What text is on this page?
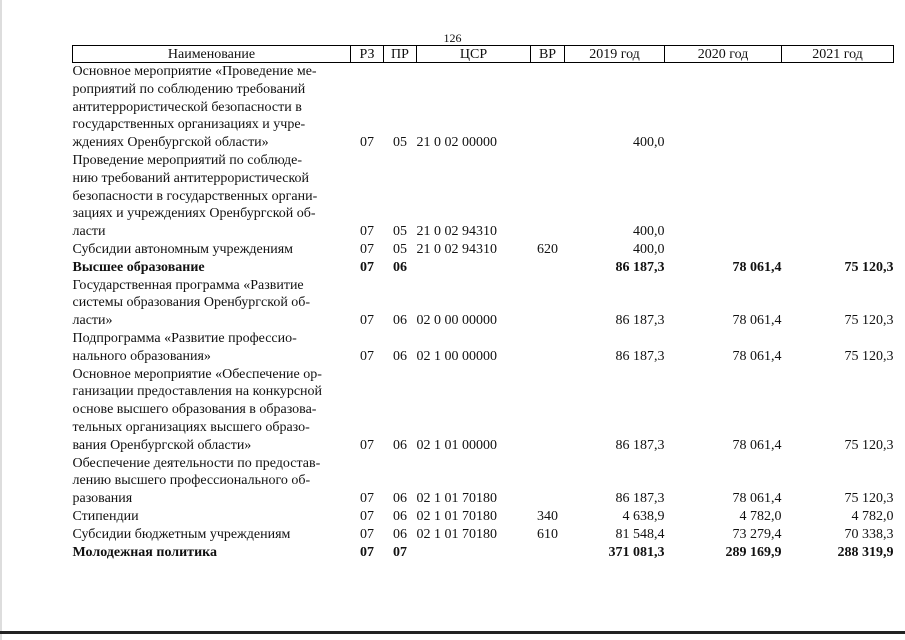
126
Наименование	РЗ	ПР	ЦСР	ВР	2019 год	2020 год	2021 год

Основное мероприятие «Проведение ме-
роприятий по соблюдению требований
антитеррористической безопасности в
государственных организациях и учре-
ждениях Оренбургской области»	07	05	21 0 02 00000		400,0		

Проведение мероприятий по соблюде-
нию требований антитеррористической
безопасности в государственных органи-
зациях и учреждениях Оренбургской об-
ласти	07	05	21 0 02 94310		400,0		

Субсидии автономным учреждениям	07	05	21 0 02 94310	620	400,0		

Высшее образование	07	06			86 187,3	78 061,4	75 120,3

Государственная программа «Развитие
системы образования Оренбургской об-
ласти»	07	06	02 0 00 00000		86 187,3	78 061,4	75 120,3

Подпрограмма «Развитие профессио-
нального образования»	07	06	02 1 00 00000		86 187,3	78 061,4	75 120,3

Основное мероприятие «Обеспечение ор-
ганизации предоставления на конкурсной
основе высшего образования в образова-
тельных организациях высшего образо-
вания Оренбургской области»	07	06	02 1 01 00000		86 187,3	78 061,4	75 120,3

Обеспечение деятельности по предостав-
лению высшего профессионального об-
разования	07	06	02 1 01 70180		86 187,3	78 061,4	75 120,3

Стипендии	07	06	02 1 01 70180	340	4 638,9	4 782,0	4 782,0

Субсидии бюджетным учреждениям	07	06	02 1 01 70180	610	81 548,4	73 279,4	70 338,3

Молодежная политика	07	07			371 081,3	289 169,9	288 319,9
